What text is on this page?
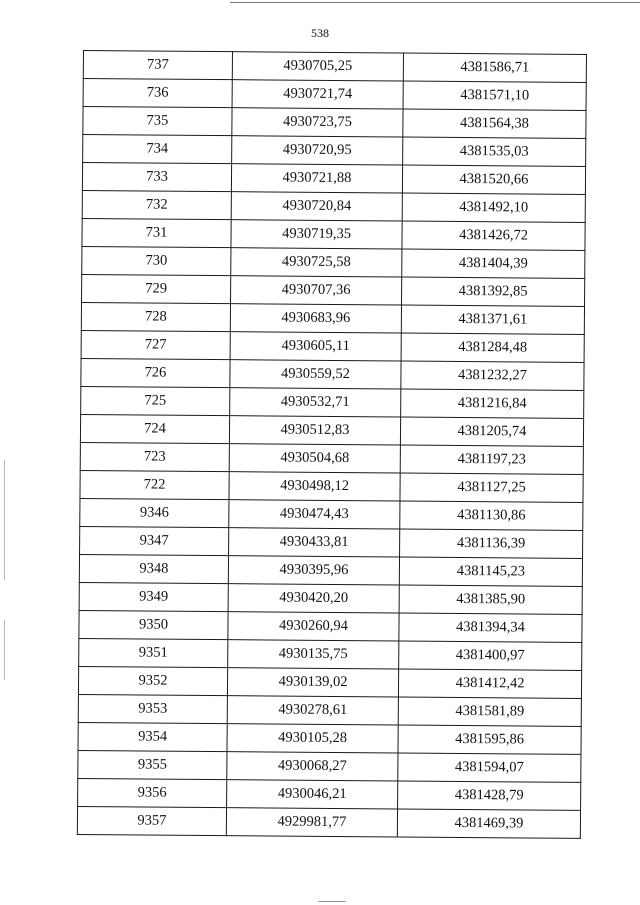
538
737	4930705,25	4381586,71
736	4930721,74	4381571,10
735	4930723,75	4381564,38
734	4930720,95	4381535,03
733	4930721,88	4381520,66
732	4930720,84	4381492,10
731	4930719,35	4381426,72
730	4930725,58	4381404,39
729	4930707,36	4381392,85
728	4930683,96	4381371,61
727	4930605,11	4381284,48
726	4930559,52	4381232,27
725	4930532,71	4381216,84
724	4930512,83	4381205,74
723	4930504,68	4381197,23
722	4930498,12	4381127,25
9346	4930474,43	4381130,86
9347	4930433,81	4381136,39
9348	4930395,96	4381145,23
9349	4930420,20	4381385,90
9350	4930260,94	4381394,34
9351	4930135,75	4381400,97
9352	4930139,02	4381412,42
9353	4930278,61	4381581,89
9354	4930105,28	4381595,86
9355	4930068,27	4381594,07
9356	4930046,21	4381428,79
9357	4929981,77	4381469,39
